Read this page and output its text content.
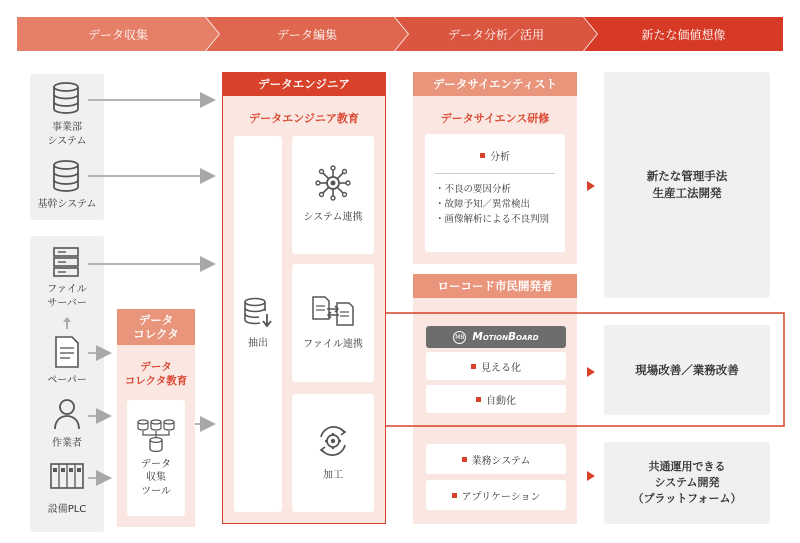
データ収集	データ編集	データ分析／活用	新たな価値想像
事業部
システム
基幹システム
ファイル
サーバー
ペーパー
作業者
設備PLC
データ
コレクタ
データ
コレクタ教育
データ
収集
ツール
データエンジニア
データエンジニア教育
抽出
システム連携
ファイル連携
加工
データサイエンティスト
データサイエンス研修
分析
・不良の要因分析
・故障予知／異常検出
・画像解析による不良判別
ローコード市民開発者
MB MotionBoard
見える化
自動化
業務システム
アプリケーション
新たな管理手法
生産工法開発
現場改善／業務改善
共通運用できる
システム開発
（プラットフォーム）
